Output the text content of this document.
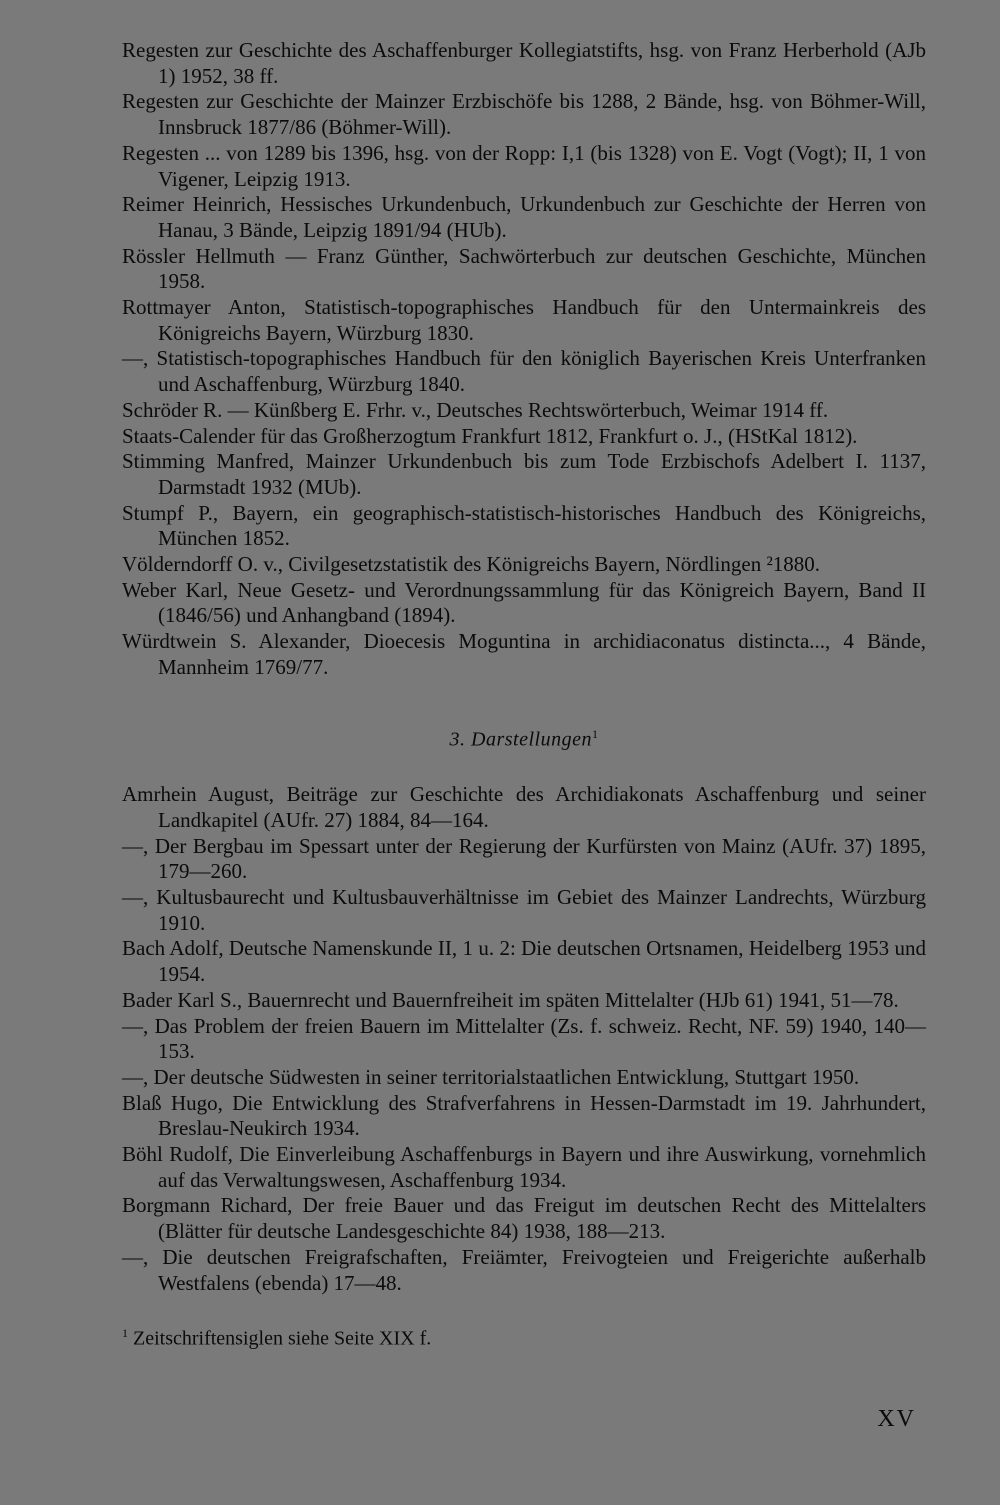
Regesten zur Geschichte des Aschaffenburger Kollegiatstifts, hsg. von Franz Herberhold (AJb 1) 1952, 38 ff.
Regesten zur Geschichte der Mainzer Erzbischöfe bis 1288, 2 Bände, hsg. von Böhmer-Will, Innsbruck 1877/86 (Böhmer-Will).
Regesten ... von 1289 bis 1396, hsg. von der Ropp: I,1 (bis 1328) von E. Vogt (Vogt); II, 1 von Vigener, Leipzig 1913.
Reimer Heinrich, Hessisches Urkundenbuch, Urkundenbuch zur Geschichte der Herren von Hanau, 3 Bände, Leipzig 1891/94 (HUb).
Rössler Hellmuth — Franz Günther, Sachwörterbuch zur deutschen Geschichte, München 1958.
Rottmayer Anton, Statistisch-topographisches Handbuch für den Untermainkreis des Königreichs Bayern, Würzburg 1830.
—, Statistisch-topographisches Handbuch für den königlich Bayerischen Kreis Unterfranken und Aschaffenburg, Würzburg 1840.
Schröder R. — Künßberg E. Frhr. v., Deutsches Rechtswörterbuch, Weimar 1914 ff.
Staats-Calender für das Großherzogtum Frankfurt 1812, Frankfurt o. J., (HStKal 1812).
Stimming Manfred, Mainzer Urkundenbuch bis zum Tode Erzbischofs Adelbert I. 1137, Darmstadt 1932 (MUb).
Stumpf P., Bayern, ein geographisch-statistisch-historisches Handbuch des Königreichs, München 1852.
Völderndorff O. v., Civilgesetzstatistik des Königreichs Bayern, Nördlingen ²1880.
Weber Karl, Neue Gesetz- und Verordnungssammlung für das Königreich Bayern, Band II (1846/56) und Anhangband (1894).
Würdtwein S. Alexander, Dioecesis Moguntina in archidiaconatus distincta..., 4 Bände, Mannheim 1769/77.
3. Darstellungen$^1$
Amrhein August, Beiträge zur Geschichte des Archidiakonats Aschaffenburg und seiner Landkapitel (AUfr. 27) 1884, 84—164.
—, Der Bergbau im Spessart unter der Regierung der Kurfürsten von Mainz (AUfr. 37) 1895, 179—260.
—, Kultusbaurecht und Kultusbauverhältnisse im Gebiet des Mainzer Landrechts, Würzburg 1910.
Bach Adolf, Deutsche Namenskunde II, 1 u. 2: Die deutschen Ortsnamen, Heidelberg 1953 und 1954.
Bader Karl S., Bauernrecht und Bauernfreiheit im späten Mittelalter (HJb 61) 1941, 51—78.
—, Das Problem der freien Bauern im Mittelalter (Zs. f. schweiz. Recht, NF. 59) 1940, 140—153.
—, Der deutsche Südwesten in seiner territorialstaatlichen Entwicklung, Stuttgart 1950.
Blaß Hugo, Die Entwicklung des Strafverfahrens in Hessen-Darmstadt im 19. Jahrhundert, Breslau-Neukirch 1934.
Böhl Rudolf, Die Einverleibung Aschaffenburgs in Bayern und ihre Auswirkung, vornehmlich auf das Verwaltungswesen, Aschaffenburg 1934.
Borgmann Richard, Der freie Bauer und das Freigut im deutschen Recht des Mittelalters (Blätter für deutsche Landesgeschichte 84) 1938, 188—213.
—, Die deutschen Freigrafschaften, Freiämter, Freivogteien und Freigerichte außerhalb Westfalens (ebenda) 17—48.
$^1$ Zeitschriftensiglen siehe Seite XIX f.
XV
